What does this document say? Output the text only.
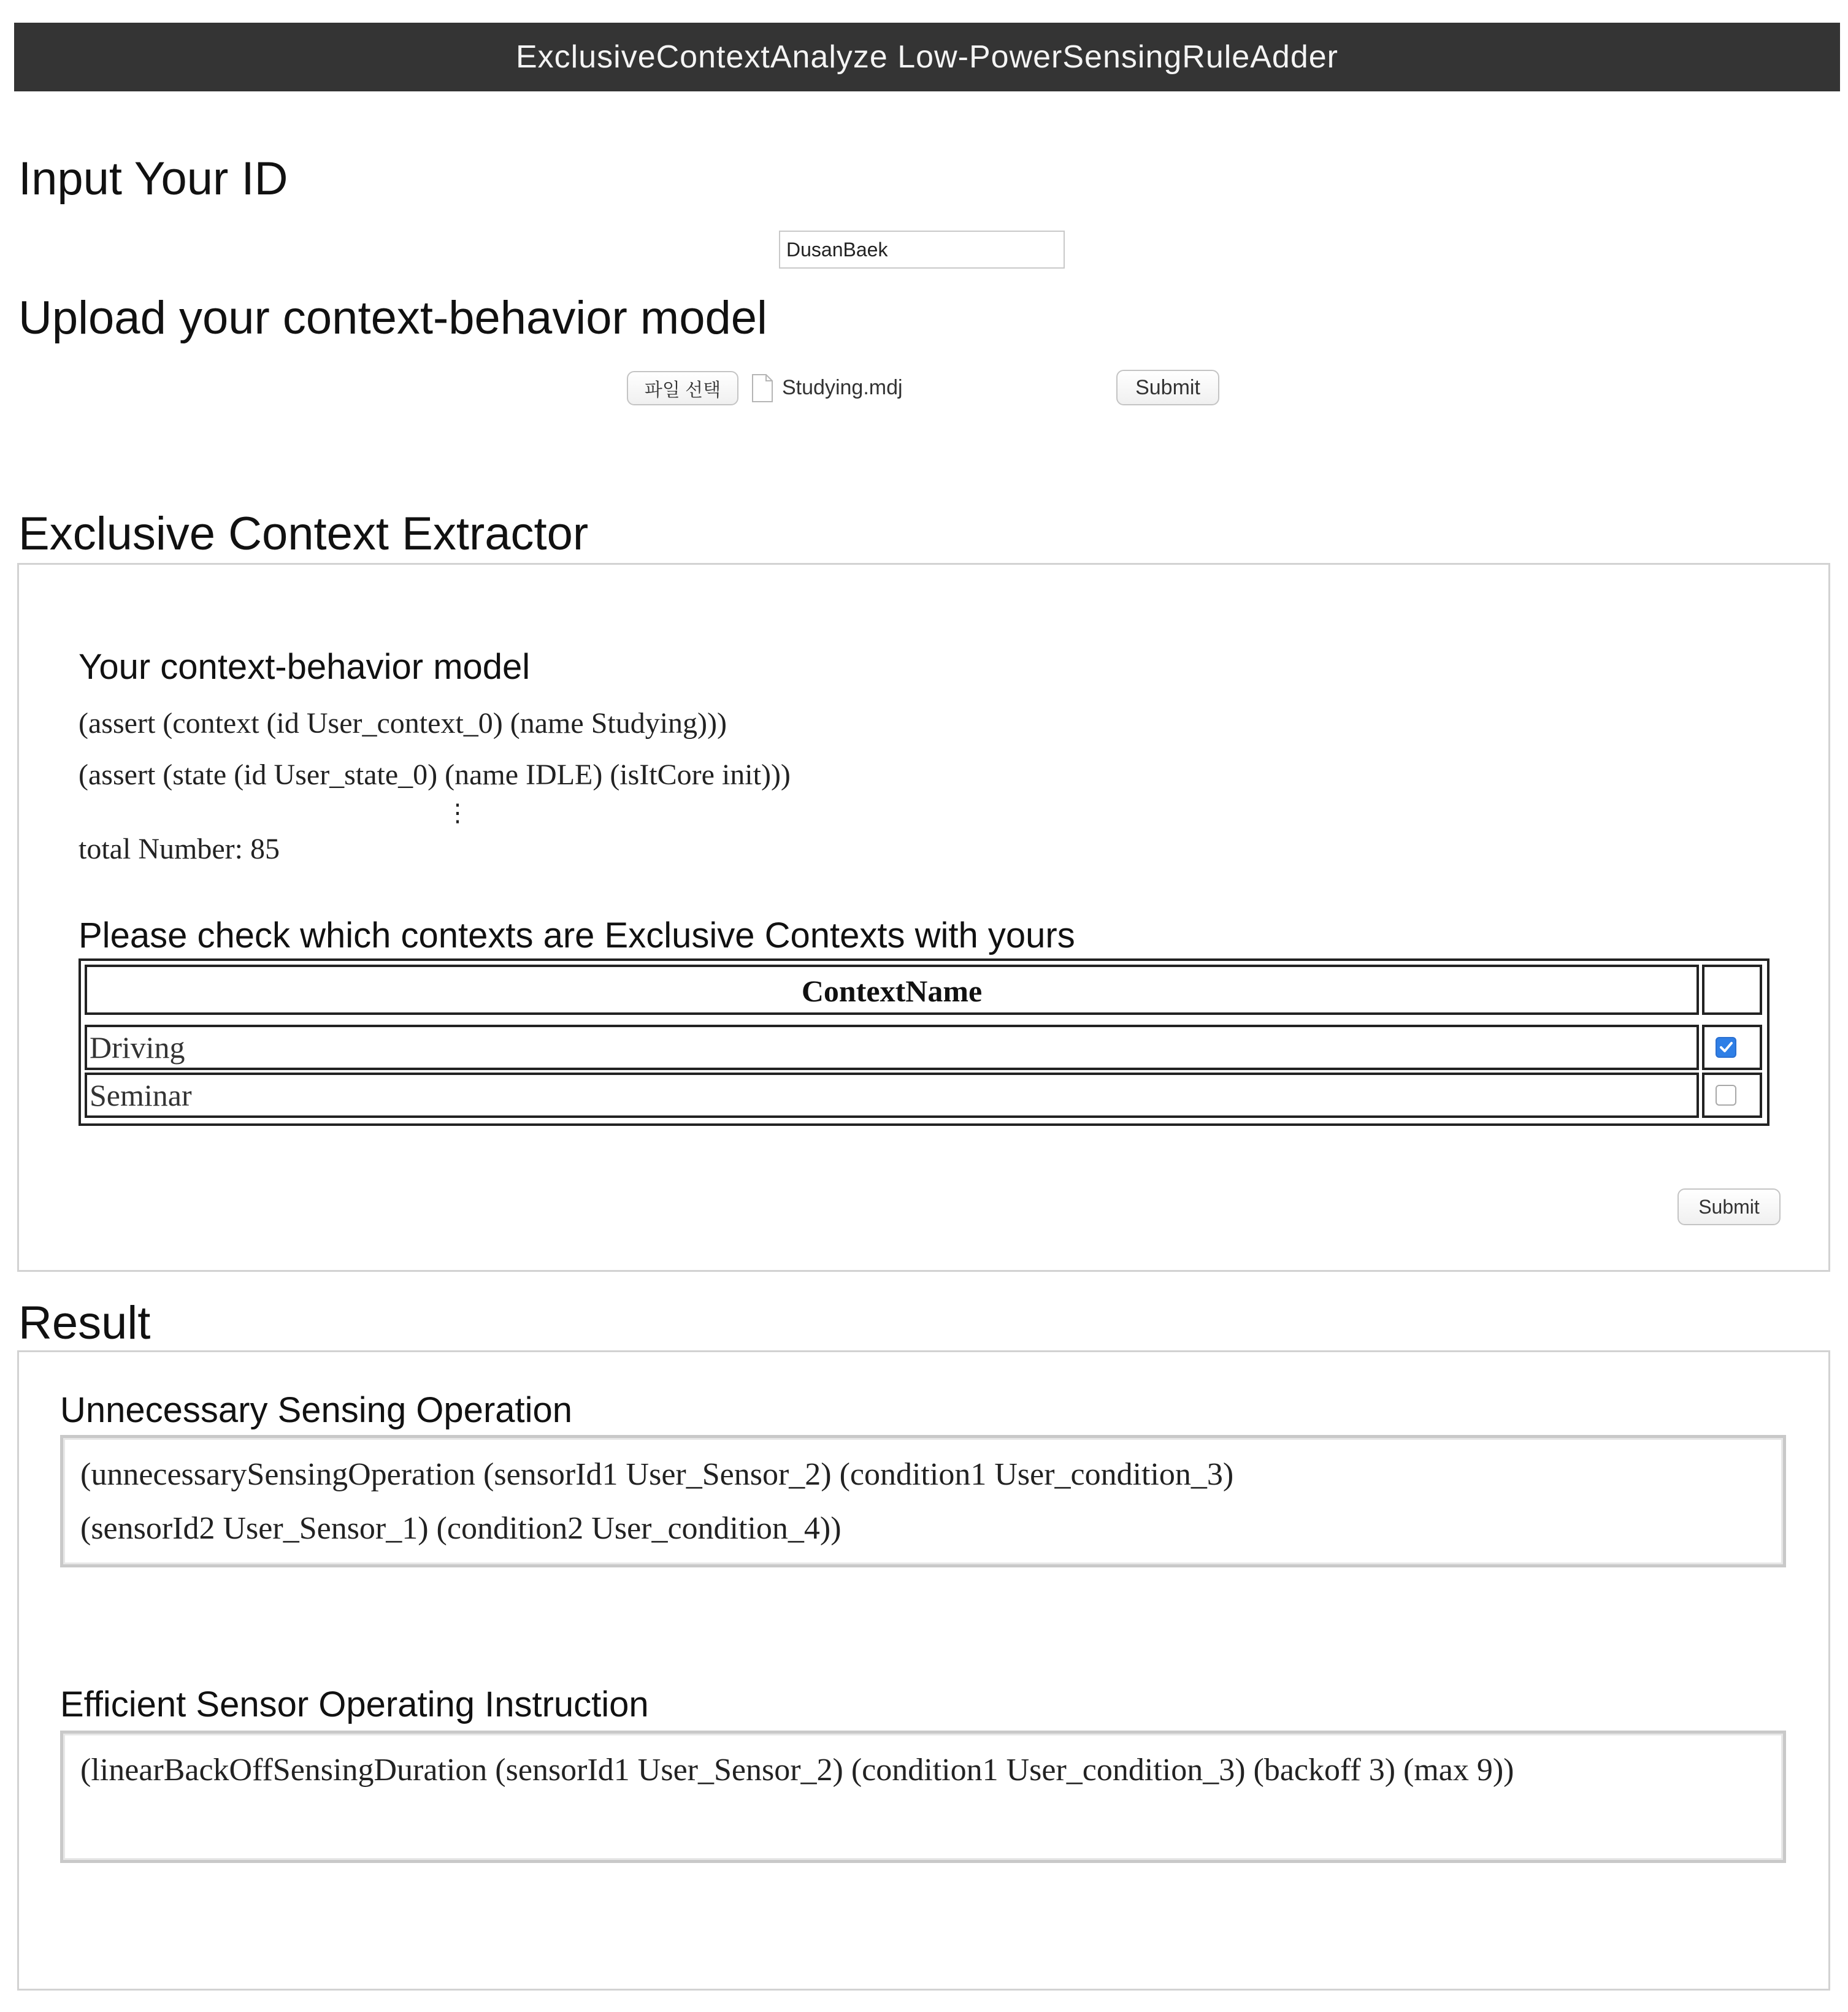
ExclusiveContextAnalyze Low-PowerSensingRuleAdder
Input Your ID
DusanBaek
Upload your context-behavior model
파일 선택	Studying.mdj	Submit
Exclusive Context Extractor
Your context-behavior model
(assert (context (id User_context_0) (name Studying)))
(assert (state (id User_state_0) (name IDLE) (isItCore init)))
⋮
total Number: 85
Please check which contexts are Exclusive Contexts with yours
ContextName
Driving
Seminar
Submit
Result
Unnecessary Sensing Operation
(unnecessarySensingOperation (sensorId1 User_Sensor_2) (condition1 User_condition_3)
(sensorId2 User_Sensor_1) (condition2 User_condition_4))
Efficient Sensor Operating Instruction
(linearBackOffSensingDuration (sensorId1 User_Sensor_2) (condition1 User_condition_3) (backoff 3) (max 9))
